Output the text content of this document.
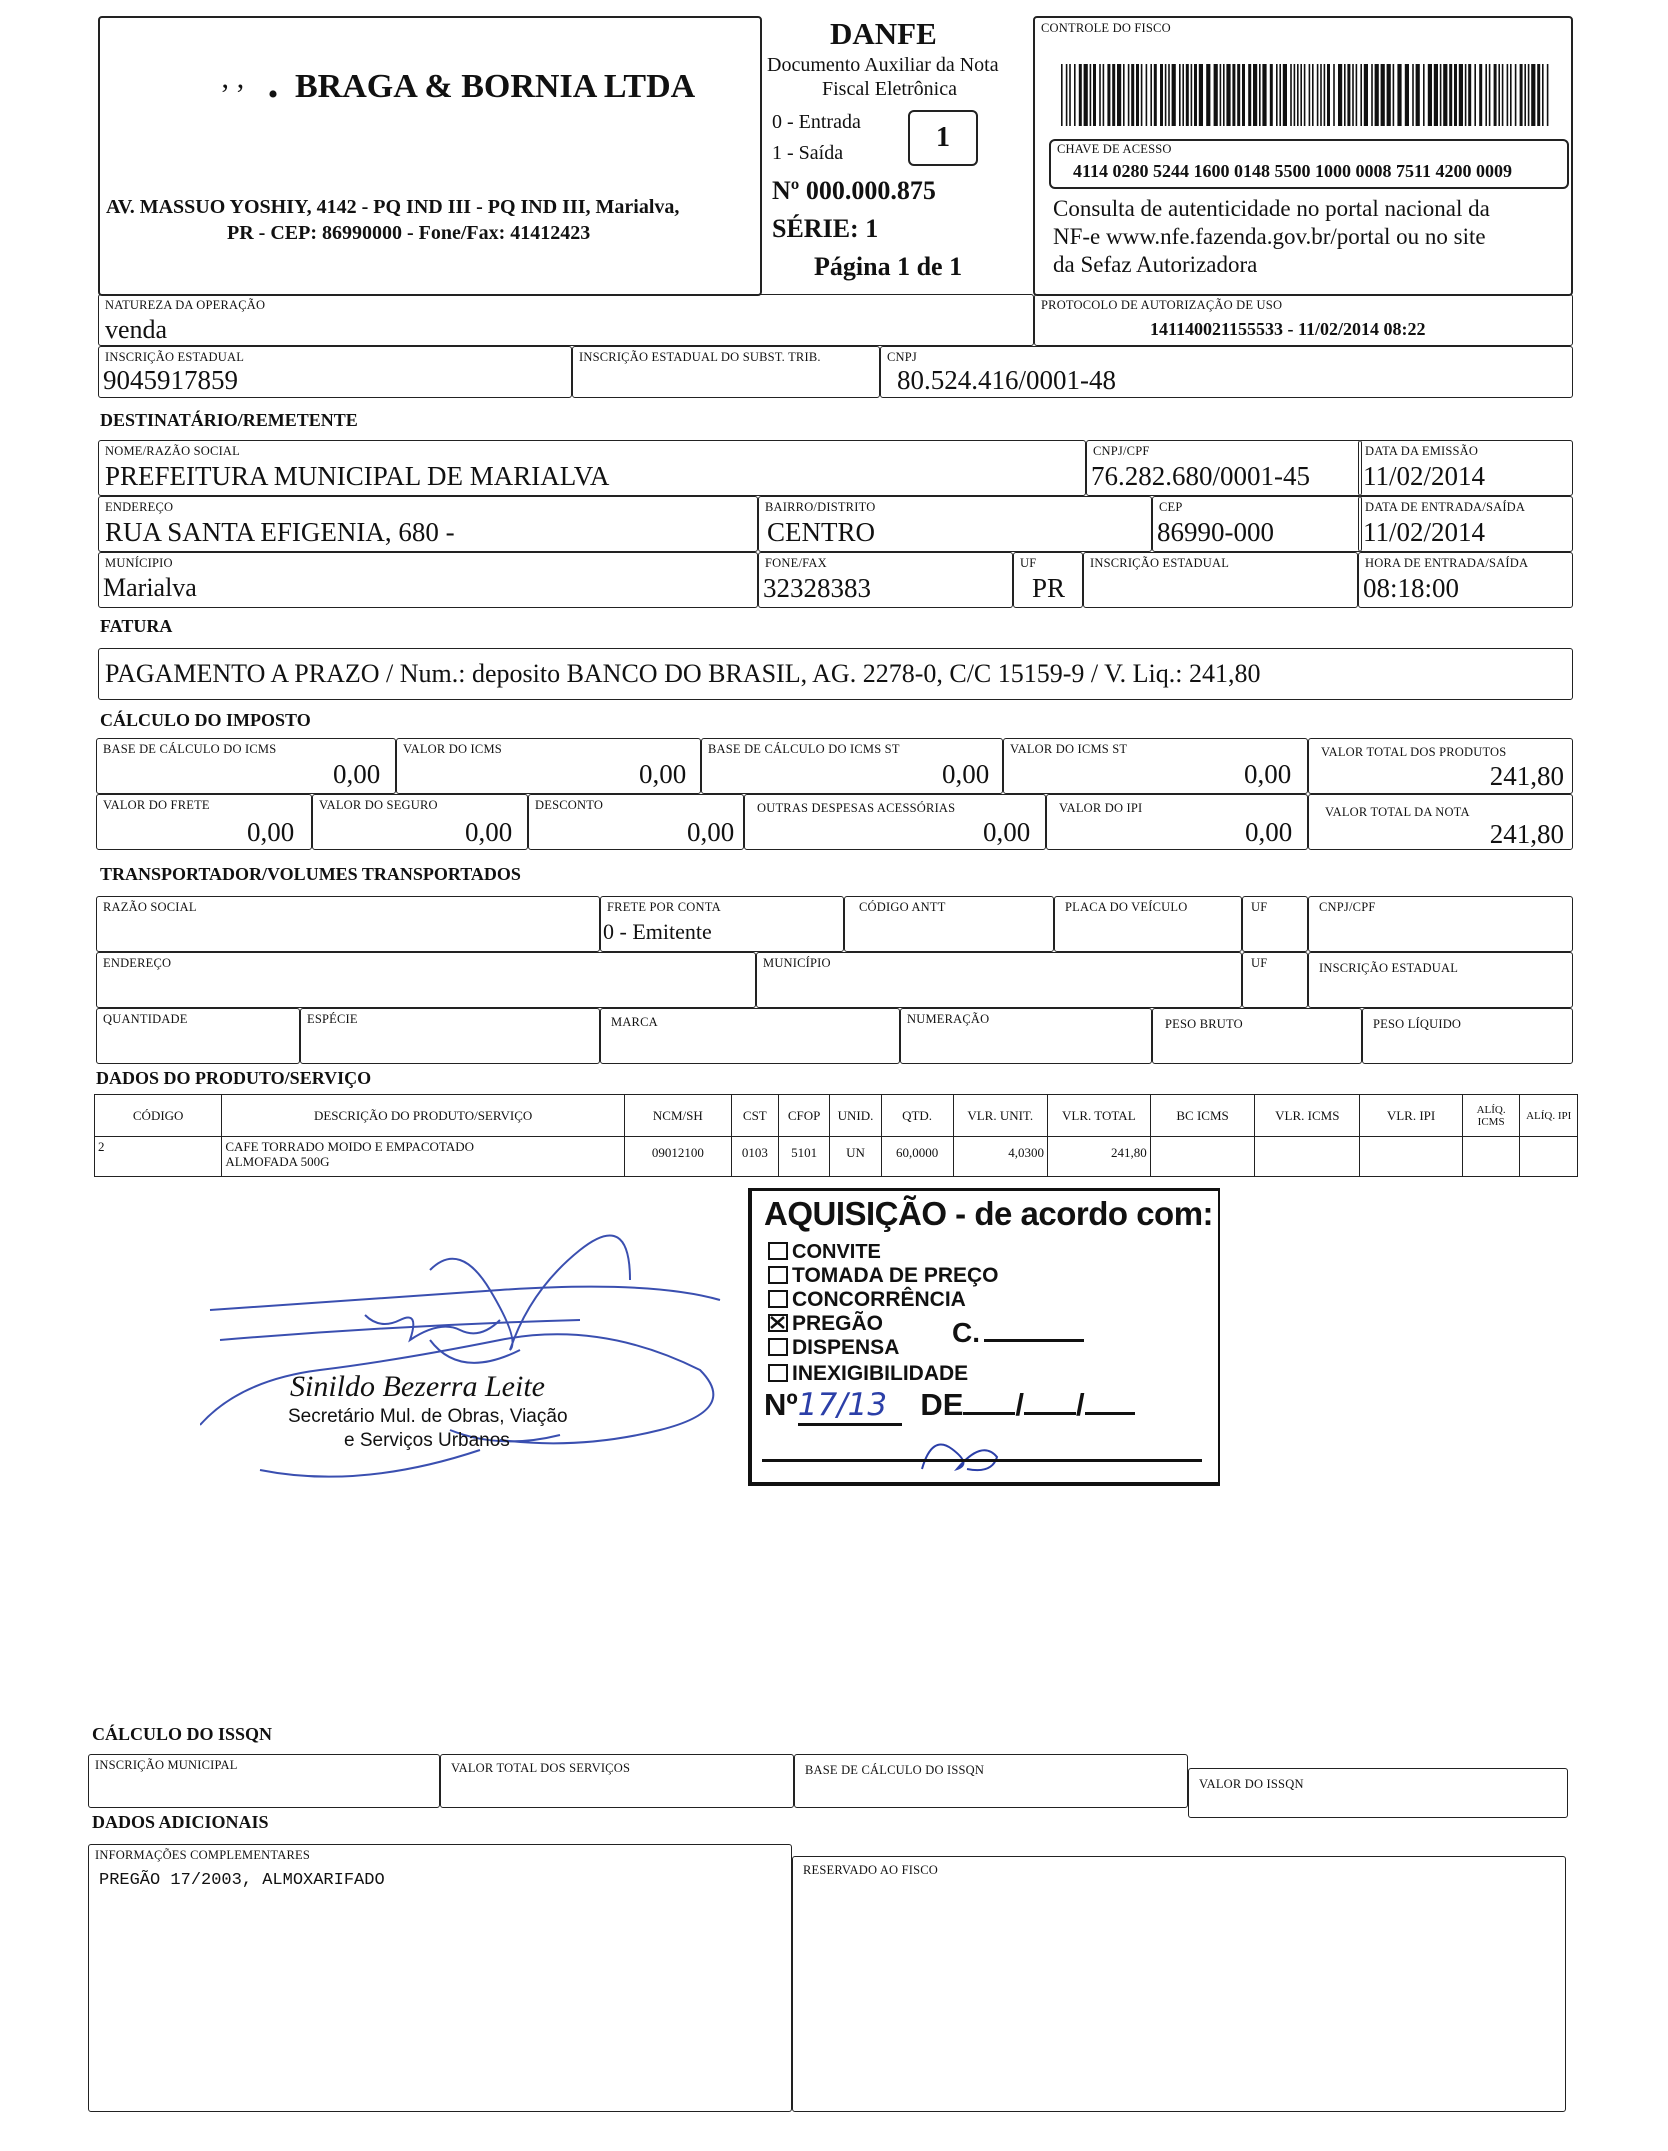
’ ’   • BRAGA & BORNIA LTDA
AV. MASSUO YOSHIY, 4142 - PQ IND III - PQ IND III, Marialva,
PR - CEP: 86990000 - Fone/Fax: 41412423
DANFE
Documento Auxiliar da Nota
Fiscal Eletrônica
0 - Entrada
1 - Saída	1
Nº 000.000.875
SÉRIE: 1
Página 1 de 1
CONTROLE DO FISCO
CHAVE DE ACESSO
4114 0280 5244 1600 0148 5500 1000 0008 7511 4200 0009
Consulta de autenticidade no portal nacional da
NF-e www.nfe.fazenda.gov.br/portal ou no site
da Sefaz Autorizadora
NATUREZA DA OPERAÇÃO
venda
PROTOCOLO DE AUTORIZAÇÃO DE USO
141140021155533 - 11/02/2014 08:22
INSCRIÇÃO ESTADUAL
9045917859
INSCRIÇÃO ESTADUAL DO SUBST. TRIB.	CNPJ
80.524.416/0001-48
DESTINATÁRIO/REMETENTE
NOME/RAZÃO SOCIAL
PREFEITURA MUNICIPAL DE MARIALVA
CNPJ/CPF
76.282.680/0001-45
DATA DA EMISSÃO
11/02/2014
ENDEREÇO
RUA SANTA EFIGENIA, 680 -
BAIRRO/DISTRITO
CENTRO
CEP
86990-000
DATA DE ENTRADA/SAÍDA
11/02/2014
MUNÍCIPIO
Marialva
FONE/FAX
32328383
UF
PR
INSCRIÇÃO ESTADUAL	HORA DE ENTRADA/SAÍDA
08:18:00
FATURA
PAGAMENTO A PRAZO / Num.: deposito BANCO DO BRASIL, AG. 2278-0, C/C 15159-9 / V. Liq.: 241,80
CÁLCULO DO IMPOSTO
BASE DE CÁLCULO DO ICMS
0,00
VALOR DO ICMS
0,00
BASE DE CÁLCULO DO ICMS ST
0,00
VALOR DO ICMS ST
0,00
VALOR TOTAL DOS PRODUTOS
241,80
VALOR DO FRETE
0,00
VALOR DO SEGURO
0,00
DESCONTO
0,00
OUTRAS DESPESAS ACESSÓRIAS
0,00
VALOR DO IPI
0,00
VALOR TOTAL DA NOTA
241,80
TRANSPORTADOR/VOLUMES TRANSPORTADOS
RAZÃO SOCIAL	FRETE POR CONTA
0 - Emitente
CÓDIGO ANTT	PLACA DO VEÍCULO	UF	CNPJ/CPF
ENDEREÇO	MUNICÍPIO	UF	INSCRIÇÃO ESTADUAL
QUANTIDADE	ESPÉCIE	MARCA	NUMERAÇÃO	PESO BRUTO	PESO LÍQUIDO
DADOS DO PRODUTO/SERVIÇO
CÓDIGO	DESCRIÇÃO DO PRODUTO/SERVIÇO	NCM/SH	CST	CFOP	UNID.	QTD.	VLR. UNIT.	VLR. TOTAL	BC ICMS	VLR. ICMS	VLR. IPI	ALÍQ. ICMS	ALÍQ. IPI
2	CAFE TORRADO MOIDO E EMPACOTADO
ALMOFADA 500G	09012100	0103	5101	UN	60,0000	4,0300	241,80					
Sinildo Bezerra Leite
Secretário Mul. de Obras, Viação
e Serviços Urbanos
AQUISIÇÃO - de acordo com:
CONVITE
TOMADA DE PREÇO
CONCORRÊNCIA
PREGÃO
DISPENSA C.
INEXIGIBILIDADE
Nº17/13 DE / /
CÁLCULO DO ISSQN
INSCRIÇÃO MUNICIPAL	VALOR TOTAL DOS SERVIÇOS	BASE DE CÁLCULO DO ISSQN
VALOR DO ISSQN
DADOS ADICIONAIS
INFORMAÇÕES COMPLEMENTARES
PREGÃO 17/2003, ALMOXARIFADO
RESERVADO AO FISCO
